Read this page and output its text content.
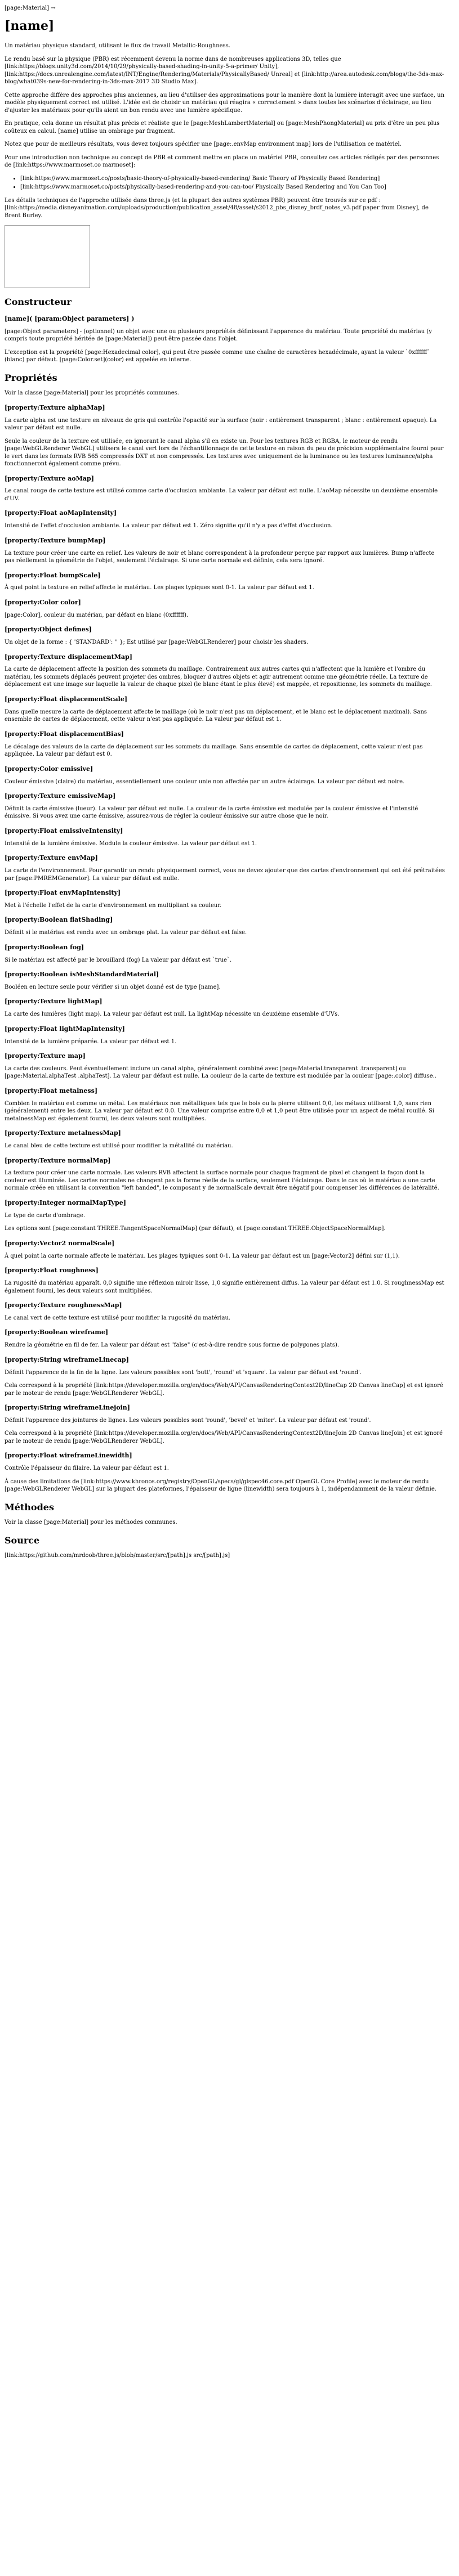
[page:Material] →

[name]

Un matériau physique standard, utilisant le flux de travail Metallic-Roughness.

Le rendu basé sur la physique (PBR) est récemment devenu la norme dans de nombreuses applications 3D, telles que [link:https://blogs.unity3d.com/2014/10/29/physically-based-shading-in-unity-5-a-primer/ Unity], [link:https://docs.unrealengine.com/latest/INT/Engine/Rendering/Materials/PhysicallyBased/ Unreal] et [link:http://area.autodesk.com/blogs/the-3ds-max-blog/what039s-new-for-rendering-in-3ds-max-2017 3D Studio Max].

Cette approche diffère des approches plus anciennes, au lieu d'utiliser des approximations pour la manière dont la lumière interagit avec une surface, un modèle physiquement correct est utilisé. L'idée est de choisir un matériau qui réagira « correctement » dans toutes les scénarios d'éclairage, au lieu d'ajuster les matériaux pour qu'ils aient un bon rendu avec une lumière spécifique.

En pratique, cela donne un résultat plus précis et réaliste que le [page:MeshLambertMaterial] ou [page:MeshPhongMaterial] au prix d'être un peu plus coûteux en calcul. [name] utilise un ombrage par fragment.

Notez que pour de meilleurs résultats, vous devez toujours spécifier une [page:.envMap environment map] lors de l'utilisation ce matériel.

Pour une introduction non technique au concept de PBR et comment mettre en place un matériel PBR, consultez ces articles rédigés par des personnes de [link:https://www.marmoset.co marmoset]:

• [link:https://www.marmoset.co/posts/basic-theory-of-physically-based-rendering/ Basic Theory of Physically Based Rendering]
• [link:https://www.marmoset.co/posts/physically-based-rendering-and-you-can-too/ Physically Based Rendering and You Can Too]

Les détails techniques de l'approche utilisée dans three.js (et la plupart des autres systèmes PBR) peuvent être trouvés sur ce pdf : [link:https://media.disneyanimation.com/uploads/production/publication_asset/48/asset/s2012_pbs_disney_brdf_notes_v3.pdf paper from Disney], de Brent Burley.

Constructeur
[name]( [param:Object parameters] )

[page:Object parameters] - (optionnel) un objet avec une ou plusieurs propriétés définissant l'apparence du matériau. Toute propriété du matériau (y compris toute propriété héritée de [page:Material]) peut être passée dans l'objet.

L'exception est la propriété [page:Hexadecimal color], qui peut être passée comme une chaîne de caractères hexadécimale, ayant la valeur `0xffffff` (blanc) par défaut. [page:Color.set](color) est appelée en interne.

Propriétés

Voir la classe [page:Material] pour les propriétés communes.

[property:Texture alphaMap]

La carte alpha est une texture en niveaux de gris qui contrôle l'opacité sur la surface (noir : entièrement transparent ; blanc : entièrement opaque). La valeur par défaut est nulle.

Seule la couleur de la texture est utilisée, en ignorant le canal alpha s'il en existe un. Pour les textures RGB et RGBA, le moteur de rendu [page:WebGLRenderer WebGL] utilisera le canal vert lors de l'échantillonnage de cette texture en raison du peu de précision supplémentaire fourni pour le vert dans les formats RVB 565 compressés DXT et non compressés. Les textures avec uniquement de la luminance ou les textures luminance/alpha fonctionneront également comme prévu.

[property:Texture aoMap]

Le canal rouge de cette texture est utilisé comme carte d'occlusion ambiante. La valeur par défaut est nulle. L'aoMap nécessite un deuxième ensemble d'UV.

[property:Float aoMapIntensity]

Intensité de l'effet d'occlusion ambiante. La valeur par défaut est 1. Zéro signifie qu'il n'y a pas d'effet d'occlusion.

[property:Texture bumpMap]

La texture pour créer une carte en relief. Les valeurs de noir et blanc correspondent à la profondeur perçue par rapport aux lumières. Bump n'affecte pas réellement la géométrie de l'objet, seulement l'éclairage. Si une carte normale est définie, cela sera ignoré.

[property:Float bumpScale]

À quel point la texture en relief affecte le matériau. Les plages typiques sont 0-1. La valeur par défaut est 1.

[property:Color color]

[page:Color], couleur du matériau, par défaut en blanc (0xffffff).

[property:Object defines]

Un objet de la forme : { 'STANDARD': '' }; Est utilisé par [page:WebGLRenderer] pour choisir les shaders.

[property:Texture displacementMap]

La carte de déplacement affecte la position des sommets du maillage. Contrairement aux autres cartes qui n'affectent que la lumière et l'ombre du matériau, les sommets déplacés peuvent projeter des ombres, bloquer d'autres objets et agir autrement comme une géométrie réelle. La texture de déplacement est une image sur laquelle la valeur de chaque pixel (le blanc étant le plus élevé) est mappée, et repositionne, les sommets du maillage.

[property:Float displacementScale]

Dans quelle mesure la carte de déplacement affecte le maillage (où le noir n'est pas un déplacement, et le blanc est le déplacement maximal). Sans ensemble de cartes de déplacement, cette valeur n'est pas appliquée. La valeur par défaut est 1.

[property:Float displacementBias]

Le décalage des valeurs de la carte de déplacement sur les sommets du maillage. Sans ensemble de cartes de déplacement, cette valeur n'est pas appliquée. La valeur par défaut est 0.

[property:Color emissive]

Couleur émissive (claire) du matériau, essentiellement une couleur unie non affectée par un autre éclairage. La valeur par défaut est noire.

[property:Texture emissiveMap]

Définit la carte émissive (lueur). La valeur par défaut est nulle. La couleur de la carte émissive est modulée par la couleur émissive et l'intensité émissive. Si vous avez une carte émissive, assurez-vous de régler la couleur émissive sur autre chose que le noir.

[property:Float emissiveIntensity]

Intensité de la lumière émissive. Module la couleur émissive. La valeur par défaut est 1.

[property:Texture envMap]

La carte de l'environnement. Pour garantir un rendu physiquement correct, vous ne devez ajouter que des cartes d'environnement qui ont été prétraitées par [page:PMREMGenerator]. La valeur par défaut est nulle.

[property:Float envMapIntensity]

Met à l'échelle l'effet de la carte d'environnement en multipliant sa couleur.

[property:Boolean flatShading]

Définit si le matériau est rendu avec un ombrage plat. La valeur par défaut est false.

[property:Boolean fog]

Si le matériau est affecté par le brouillard (fog) La valeur par défaut est `true`.

[property:Boolean isMeshStandardMaterial]

Booléen en lecture seule pour vérifier si un objet donné est de type [name].

[property:Texture lightMap]

La carte des lumières (light map). La valeur par défaut est null. La lightMap nécessite un deuxième ensemble d'UVs.

[property:Float lightMapIntensity]

Intensité de la lumière préparée. La valeur par défaut est 1.

[property:Texture map]

La carte des couleurs. Peut éventuellement inclure un canal alpha, généralement combiné avec [page:Material.transparent .transparent] ou [page:Material.alphaTest .alphaTest]. La valeur par défaut est nulle. La couleur de la carte de texture est modulée par la couleur [page:.color] diffuse..

[property:Float metalness]

Combien le matériau est comme un métal. Les matériaux non métalliques tels que le bois ou la pierre utilisent 0,0, les métaux utilisent 1,0, sans rien (généralement) entre les deux. La valeur par défaut est 0.0. Une valeur comprise entre 0,0 et 1,0 peut être utilisée pour un aspect de métal rouillé. Si metalnessMap est également fourni, les deux valeurs sont multipliées.

[property:Texture metalnessMap]

Le canal bleu de cette texture est utilisé pour modifier la métallité du matériau.

[property:Texture normalMap]

La texture pour créer une carte normale. Les valeurs RVB affectent la surface normale pour chaque fragment de pixel et changent la façon dont la couleur est illuminée. Les cartes normales ne changent pas la forme réelle de la surface, seulement l'éclairage. Dans le cas où le matériau a une carte normale créée en utilisant la convention "left handed", le composant y de normalScale devrait être négatif pour compenser les différences de latéralité.

[property:Integer normalMapType]

Le type de carte d'ombrage.

Les options sont [page:constant THREE.TangentSpaceNormalMap] (par défaut), et [page:constant THREE.ObjectSpaceNormalMap].

[property:Vector2 normalScale]

À quel point la carte normale affecte le matériau. Les plages typiques sont 0-1. La valeur par défaut est un [page:Vector2] défini sur (1,1).

[property:Float roughness]

La rugosité du matériau apparaît. 0,0 signifie une réflexion miroir lisse, 1,0 signifie entièrement diffus. La valeur par défaut est 1.0. Si roughnessMap est également fourni, les deux valeurs sont multipliées.

[property:Texture roughnessMap]

Le canal vert de cette texture est utilisé pour modifier la rugosité du matériau.

[property:Boolean wireframe]

Rendre la géométrie en fil de fer. La valeur par défaut est "false" (c'est-à-dire rendre sous forme de polygones plats).

[property:String wireframeLinecap]

Définit l'apparence de la fin de la ligne. Les valeurs possibles sont 'butt', 'round' et 'square'. La valeur par défaut est 'round'.

Cela correspond à la propriété [link:https://developer.mozilla.org/en/docs/Web/API/CanvasRenderingContext2D/lineCap 2D Canvas lineCap] et est ignoré par le moteur de rendu [page:WebGLRenderer WebGL].

[property:String wireframeLinejoin]

Définit l'apparence des jointures de lignes. Les valeurs possibles sont 'round', 'bevel' et 'miter'. La valeur par défaut est 'round'.

Cela correspond à la propriété [link:https://developer.mozilla.org/en/docs/Web/API/CanvasRenderingContext2D/lineJoin 2D Canvas lineJoin] et est ignoré par le moteur de rendu [page:WebGLRenderer WebGL].

[property:Float wireframeLinewidth]

Contrôle l'épaisseur du filaire. La valeur par défaut est 1.

À cause des limitations de [link:https://www.khronos.org/registry/OpenGL/specs/gl/glspec46.core.pdf OpenGL Core Profile] avec le moteur de rendu [page:WebGLRenderer WebGL] sur la plupart des plateformes, l'épaisseur de ligne (linewidth) sera toujours à 1, indépendamment de la valeur définie.

Méthodes

Voir la classe [page:Material] pour les méthodes communes.

Source

[link:https://github.com/mrdoob/three.js/blob/master/src/[path].js src/[path].js]
